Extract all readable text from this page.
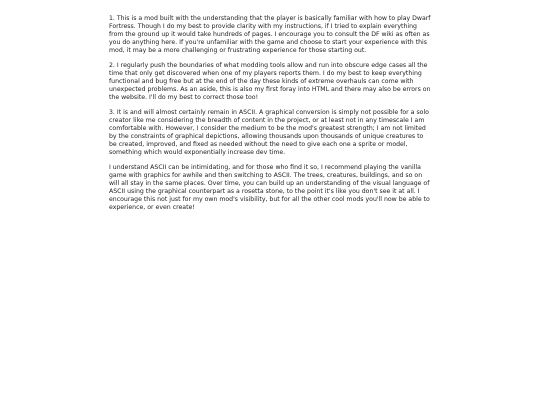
1. This is a mod built with the understanding that the player is basically familiar with how to play Dwarf Fortress. Though I do my best to provide clarity with my instructions, if I tried to explain everything from the ground up it would take hundreds of pages. I encourage you to consult the DF wiki as often as you do anything here. If you're unfamiliar with the game and choose to start your experience with this mod, it may be a more challenging or frustrating experience for those starting out.

2. I regularly push the boundaries of what modding tools allow and run into obscure edge cases all the time that only get discovered when one of my players reports them. I do my best to keep everything functional and bug free but at the end of the day these kinds of extreme overhauls can come with unexpected problems. As an aside, this is also my first foray into HTML and there may also be errors on the website. I'll do my best to correct those too!

3. It is and will almost certainly remain in ASCII. A graphical conversion is simply not possible for a solo creator like me considering the breadth of content in the project, or at least not in any timescale I am comfortable with. However, I consider the medium to be the mod's greatest strength; I am not limited by the constraints of graphical depictions, allowing thousands upon thousands of unique creatures to be created, improved, and fixed as needed without the need to give each one a sprite or model, something which would exponentially increase dev time.

I understand ASCII can be intimidating, and for those who find it so, I recommend playing the vanilla game with graphics for awhile and then switching to ASCII. The trees, creatures, buildings, and so on will all stay in the same places. Over time, you can build up an understanding of the visual language of ASCII using the graphical counterpart as a rosetta stone, to the point it's like you don't see it at all. I encourage this not just for my own mod's visibility, but for all the other cool mods you'll now be able to experience, or even create!
